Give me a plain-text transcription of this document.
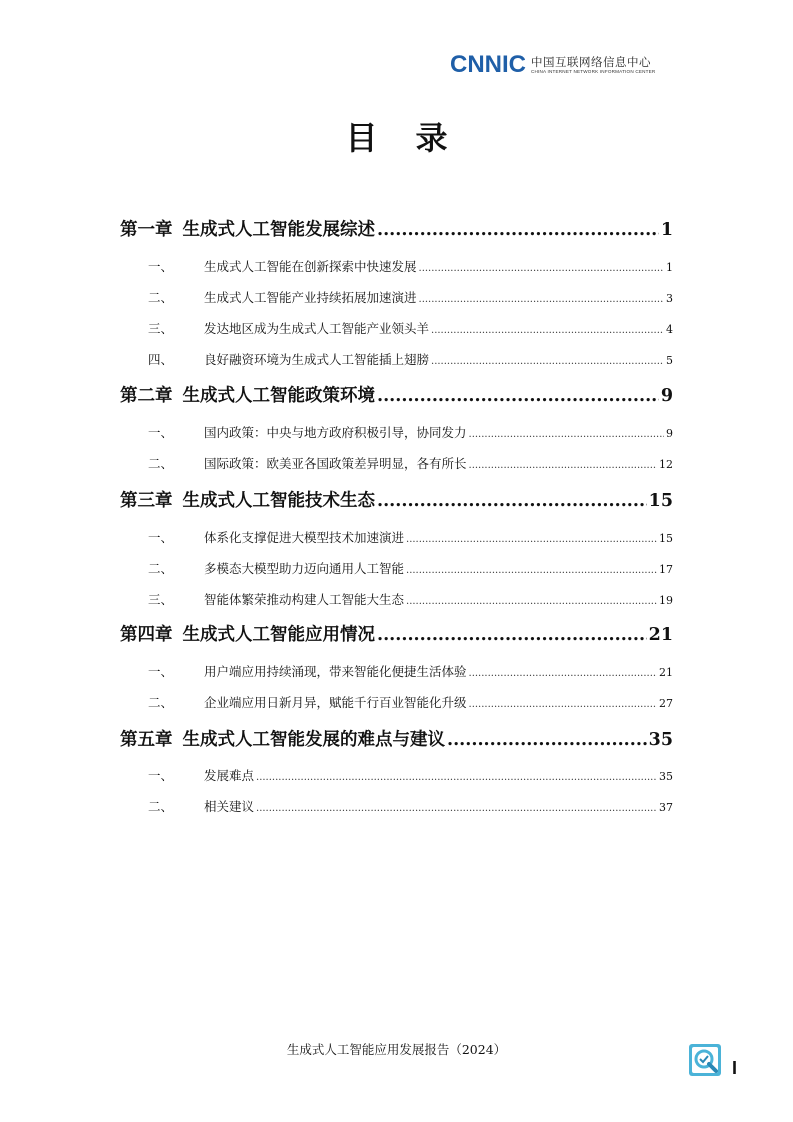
CNNIC 中国互联网络信息中心
CHINA INTERNET NETWORK INFORMATION CENTER
目录
第一章 生成式人工智能发展综述 .....	1
一、	生成式人工智能在创新探索中快速发展 .....	1
二、	生成式人工智能产业持续拓展加速演进 .....	3
三、	发达地区成为生成式人工智能产业领头羊 .....	4
四、	良好融资环境为生成式人工智能插上翅膀 .....	5
第二章 生成式人工智能政策环境 .....	9
一、	国内政策：中央与地方政府积极引导，协同发力 .....	9
二、	国际政策：欧美亚各国政策差异明显，各有所长 .....	12
第三章 生成式人工智能技术生态 .....	15
一、	体系化支撑促进大模型技术加速演进 .....	15
二、	多模态大模型助力迈向通用人工智能 .....	17
三、	智能体繁荣推动构建人工智能大生态 .....	19
第四章 生成式人工智能应用情况 .....	21
一、	用户端应用持续涌现，带来智能化便捷生活体验 .....	21
二、	企业端应用日新月异，赋能千行百业智能化升级 .....	27
第五章 生成式人工智能发展的难点与建议 .....	35
一、	发展难点 .....	35
二、	相关建议 .....	37
生成式人工智能应用发展报告（2024）
I
